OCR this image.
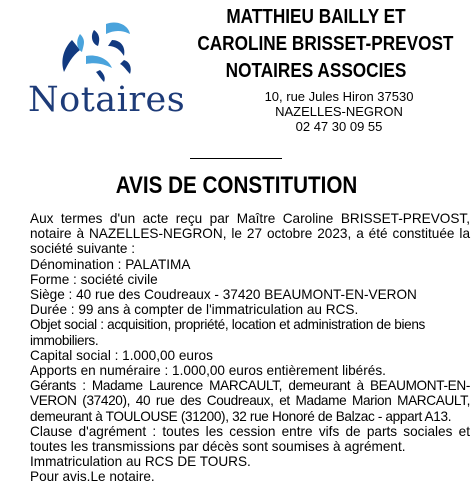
Notaires
MATTHIEU BAILLY ET
CAROLINE BRISSET-PREVOST
NOTAIRES ASSOCIES
10, rue Jules Hiron 37530
NAZELLES-NEGRON
02 47 30 09 55
AVIS DE CONSTITUTION

Aux termes d'un acte reçu par Maître Caroline BRISSET-PREVOST, notaire à NAZELLES-NEGRON, le 27 octobre 2023, a été constituée la société suivante :

Dénomination : PALATIMA

Forme : société civile

Siège : 40 rue des Coudreaux - 37420 BEAUMONT-EN-VERON

Durée : 99 ans à compter de l'immatriculation au RCS.

Objet social : acquisition, propriété, location et administration de biens immobiliers.

Capital social : 1.000,00 euros

Apports en numéraire : 1.000,00 euros entièrement libérés.

Gérants : Madame Laurence MARCAULT, demeurant à BEAUMONT-EN-VERON (37420), 40 rue des Coudreaux, et Madame Marion MARCAULT, demeurant à TOULOUSE (31200), 32 rue Honoré de Balzac - appart A13.

Clause d'agrément : toutes les cession entre vifs de parts sociales et toutes les transmissions par décès sont soumises à agrément.

Immatriculation au RCS DE TOURS.

Pour avis.Le notaire.
